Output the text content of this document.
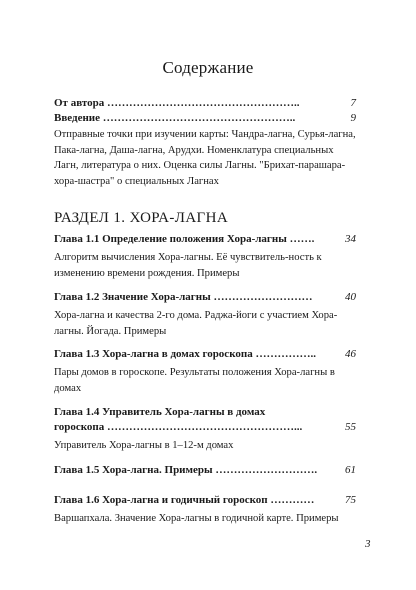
Содержание
От автора ……………………………………………..	7
Введение ……………………………………………..	9
Отправные точки при изучении карты: Чандра-лагна, Сурья-лагна, Пака-лагна, Даша-лагна, Арудхи. Номенклатура специальных Лагн, литература о них. Оценка силы Лагны. "Брихат-парашара-хора-шастра" о специальных Лагнах
РАЗДЕЛ 1. ХОРА-ЛАГНА
Глава 1.1 Определение положения Хора-лагны …….	34
Алгоритм вычисления Хора-лагны. Её чувствитель-ность к изменению времени рождения. Примеры
Глава 1.2 Значение Хора-лагны ………………………	40
Хора-лагна и качества 2-го дома. Раджа-йоги с участием Хора-лагны. Йогада. Примеры
Глава 1.3 Хора-лагна в домах гороскопа ……………..	46
Пары домов в гороскопе. Результаты положения Хора-лагны в домах
Глава 1.4 Управитель Хора-лагны в домах
гороскопа ……………………………………………...	55
Управитель Хора-лагны в 1–12-м домах
Глава 1.5 Хора-лагна. Примеры ……………………….	61
Глава 1.6 Хора-лагна и годичный гороскоп …………	75
Варшапхала. Значение Хора-лагны в годичной карте. Примеры
3
